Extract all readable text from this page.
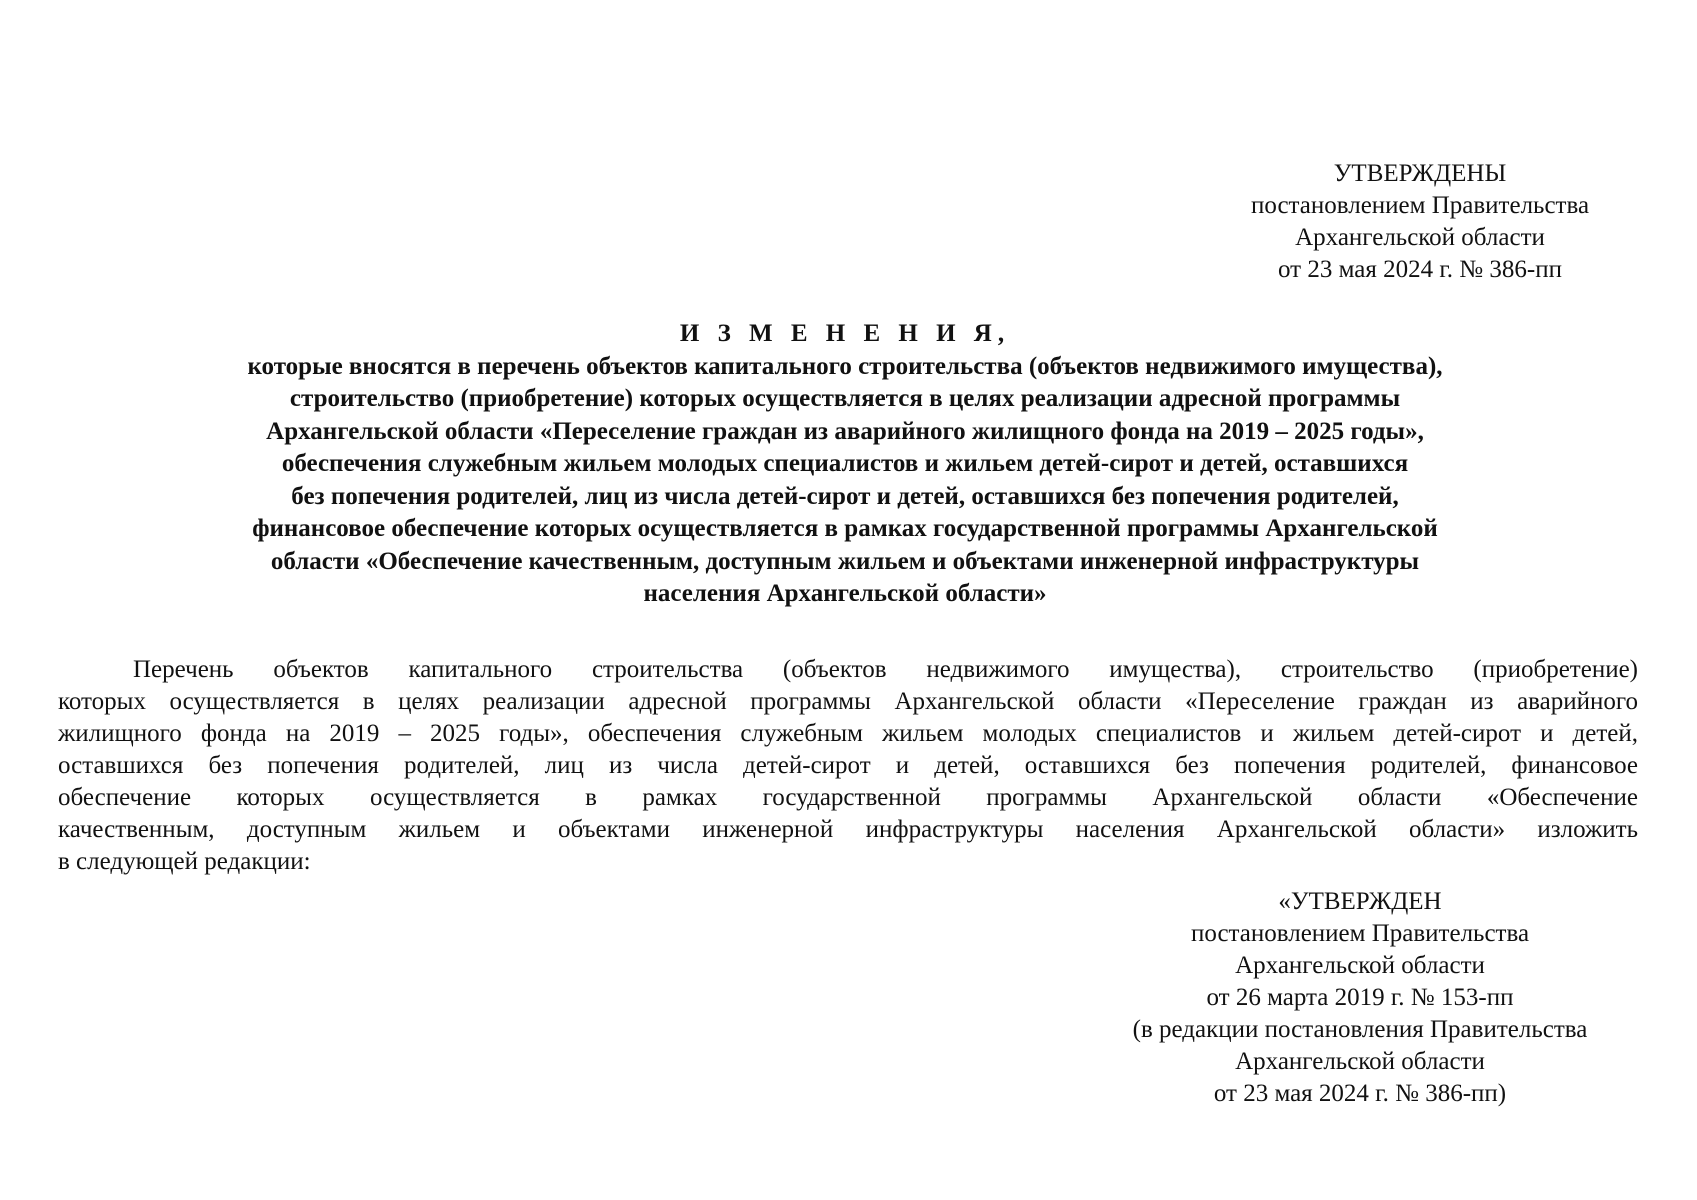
УТВЕРЖДЕНЫ
постановлением Правительства
Архангельской области
от 23 мая 2024 г. № 386-пп
И З М Е Н Е Н И Я,
которые вносятся в перечень объектов капитального строительства (объектов недвижимого имущества),
строительство (приобретение) которых осуществляется в целях реализации адресной программы
Архангельской области «Переселение граждан из аварийного жилищного фонда на 2019 – 2025 годы»,
обеспечения служебным жильем молодых специалистов и жильем детей-сирот и детей, оставшихся
без попечения родителей, лиц из числа детей-сирот и детей, оставшихся без попечения родителей,
финансовое обеспечение которых осуществляется в рамках государственной программы Архангельской
области «Обеспечение качественным, доступным жильем и объектами инженерной инфраструктуры
населения Архангельской области»
Перечень объектов капитального строительства (объектов недвижимого имущества), строительство (приобретение)
которых осуществляется в целях реализации адресной программы Архангельской области «Переселение граждан из аварийного
жилищного фонда на 2019 – 2025 годы», обеспечения служебным жильем молодых специалистов и жильем детей-сирот и детей,
оставшихся без попечения родителей, лиц из числа детей-сирот и детей, оставшихся без попечения родителей, финансовое
обеспечение которых осуществляется в рамках государственной программы Архангельской области «Обеспечение
качественным, доступным жильем и объектами инженерной инфраструктуры населения Архангельской области» изложить
в следующей редакции:
«УТВЕРЖДЕН
постановлением Правительства
Архангельской области
от 26 марта 2019 г. № 153-пп
(в редакции постановления Правительства
Архангельской области
от 23 мая 2024 г. № 386-пп)
